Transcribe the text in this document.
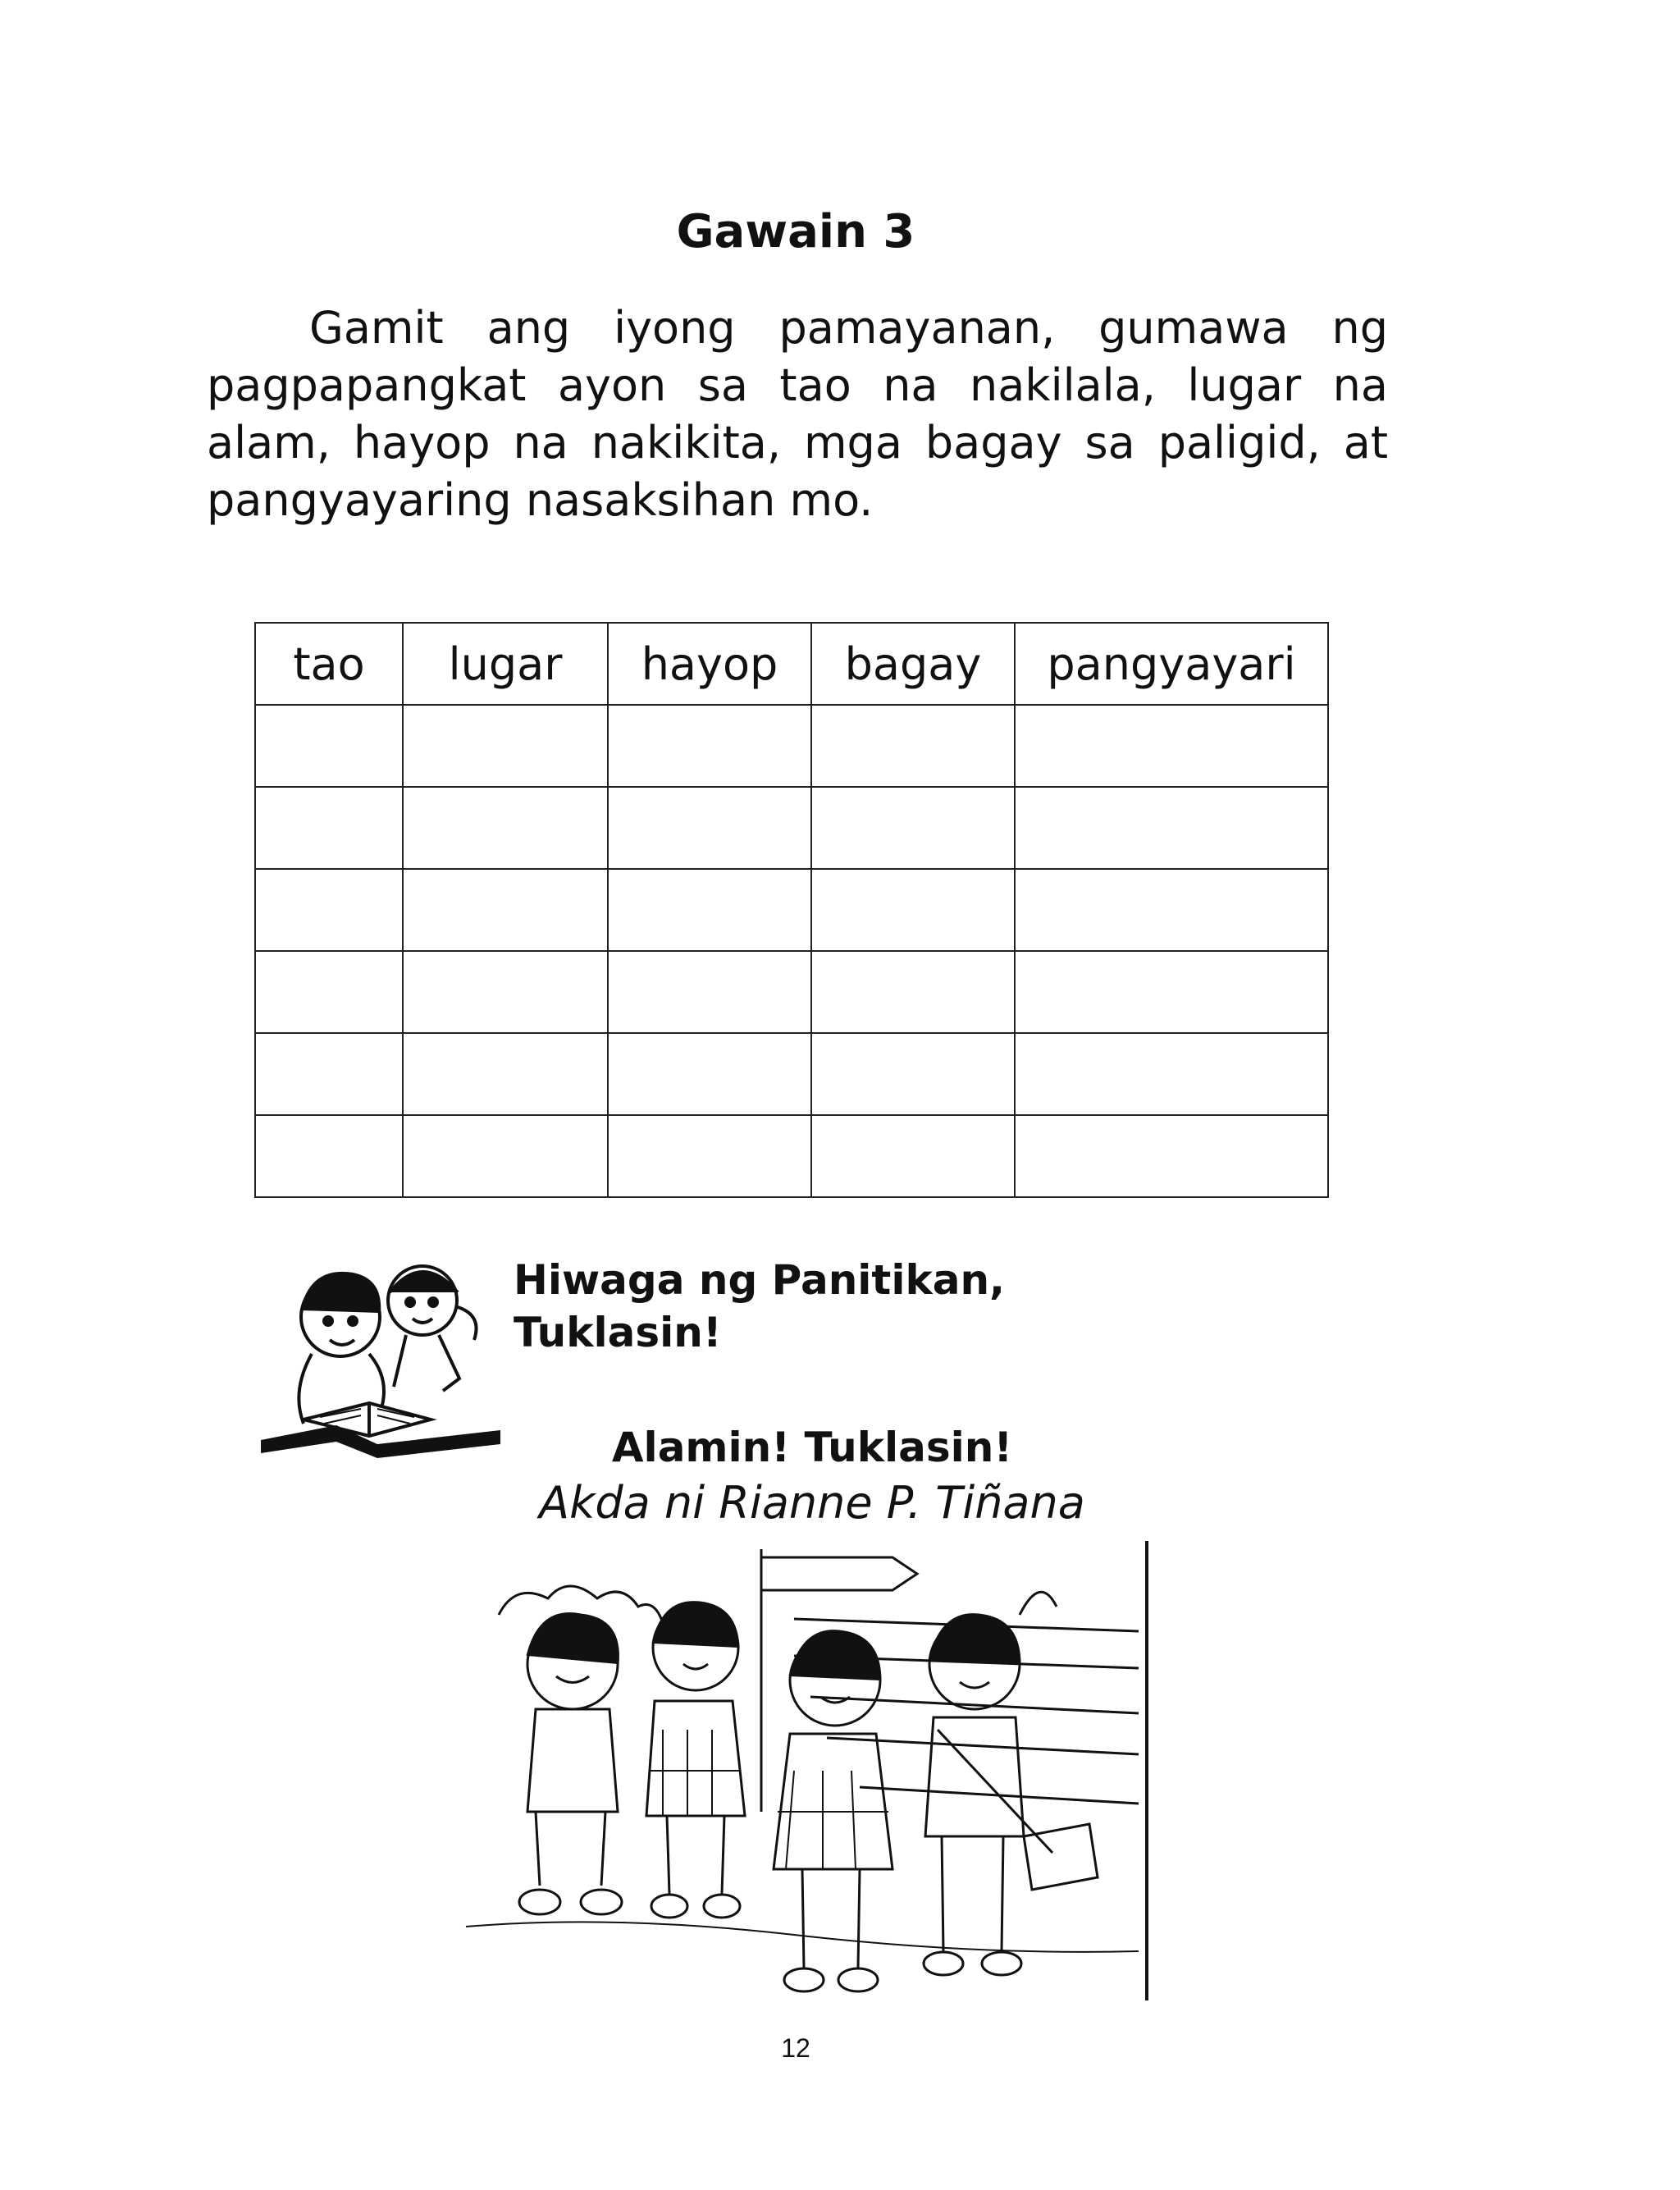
Gawain 3

Gamit ang iyong pamayanan, gumawa ng pagpapangkat ayon sa tao na nakilala, lugar na alam, hayop na nakikita, mga bagay sa paligid, at pangyayaring nasaksihan mo.

tao	lugar	hayop	bagay	pangyayari

Hiwaga ng Panitikan,
Tuklasin!
Alamin! Tuklasin!
Akda ni Rianne P. Tiñana
12
